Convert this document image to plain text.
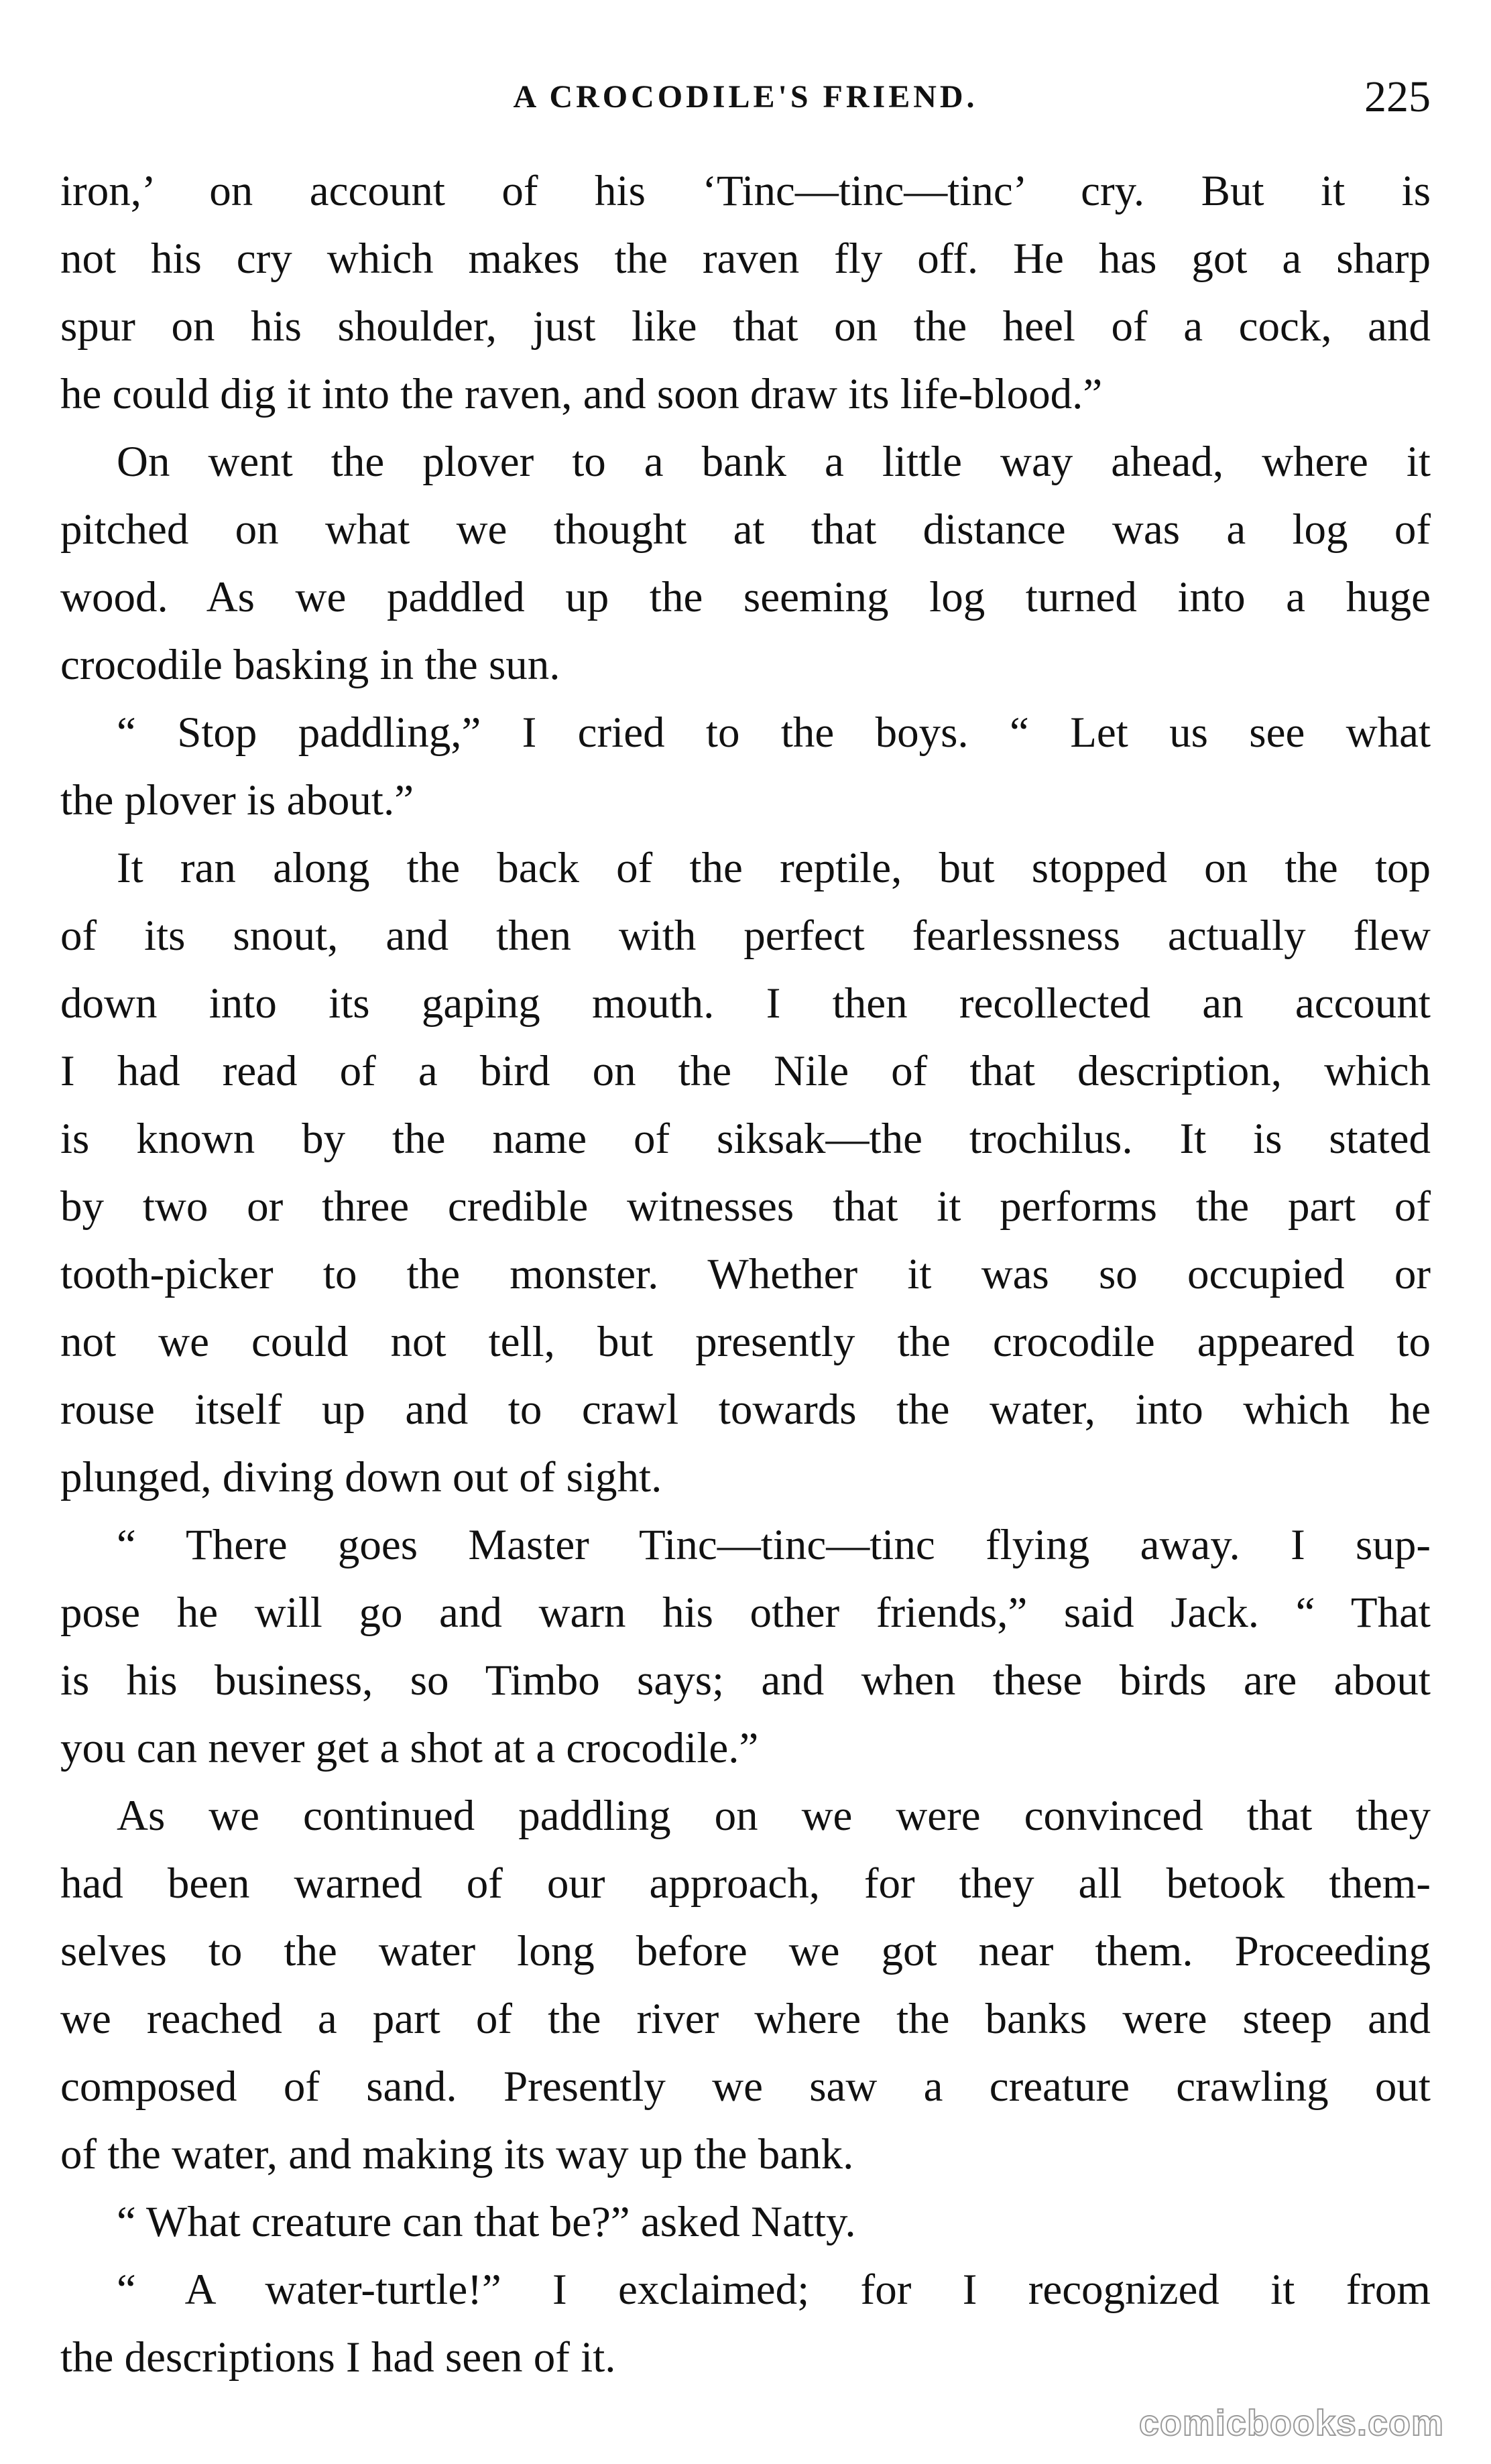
A CROCODILE'S FRIEND.	225
iron,’ on account of his ‘Tinc—tinc—tinc’ cry. But it is
not his cry which makes the raven fly off. He has got a sharp
spur on his shoulder, just like that on the heel of a cock, and
he could dig it into the raven, and soon draw its life-blood.”
On went the plover to a bank a little way ahead, where it
pitched on what we thought at that distance was a log of
wood. As we paddled up the seeming log turned into a huge
crocodile basking in the sun.
“ Stop paddling,” I cried to the boys. “ Let us see what
the plover is about.”
It ran along the back of the reptile, but stopped on the top
of its snout, and then with perfect fearlessness actually flew
down into its gaping mouth. I then recollected an account
I had read of a bird on the Nile of that description, which
is known by the name of siksak—the trochilus. It is stated
by two or three credible witnesses that it performs the part of
tooth-picker to the monster. Whether it was so occupied or
not we could not tell, but presently the crocodile appeared to
rouse itself up and to crawl towards the water, into which he
plunged, diving down out of sight.
“ There goes Master Tinc—tinc—tinc flying away. I sup-
pose he will go and warn his other friends,” said Jack. “ That
is his business, so Timbo says; and when these birds are about
you can never get a shot at a crocodile.”
As we continued paddling on we were convinced that they
had been warned of our approach, for they all betook them-
selves to the water long before we got near them. Proceeding
we reached a part of the river where the banks were steep and
composed of sand. Presently we saw a creature crawling out
of the water, and making its way up the bank.
“ What creature can that be?” asked Natty.
“ A water-turtle!” I exclaimed; for I recognized it from
the descriptions I had seen of it.
comicbooks.com
